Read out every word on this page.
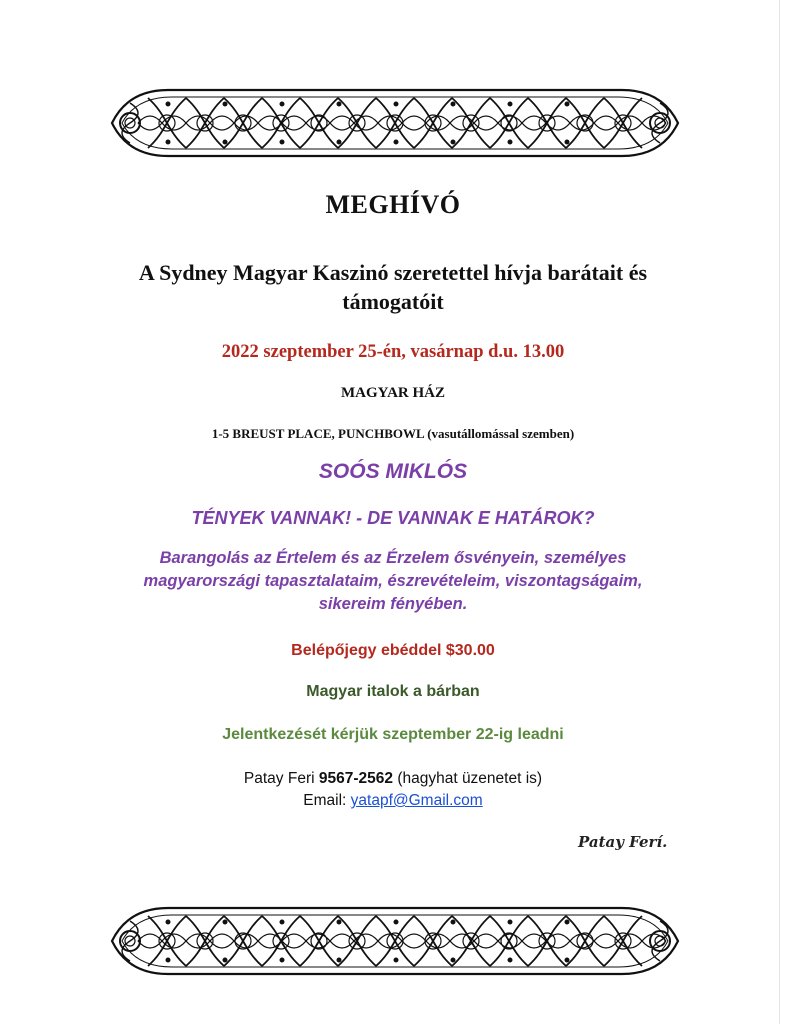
MEGHÍVÓ
A Sydney Magyar Kaszinó szeretettel hívja barátait és
támogatóit
2022 szeptember 25-én, vasárnap d.u. 13.00
MAGYAR HÁZ
1-5 BREUST PLACE, PUNCHBOWL (vasutállomással szemben)
SOÓS MIKLÓS
TÉNYEK VANNAK! - DE VANNAK E HATÁROK?
Barangolás az Értelem és az Érzelem ősvényein, személyes
magyarországi tapasztalataim, észrevételeim, viszontagságaim,
sikereim fényében.
Belépőjegy ebéddel $30.00
Magyar italok a bárban
Jelentkezését kérjük szeptember 22-ig leadni
Patay Feri 9567-2562 (hagyhat üzenetet is)
Email: yatapf@Gmail.com
Patay Ferí.
